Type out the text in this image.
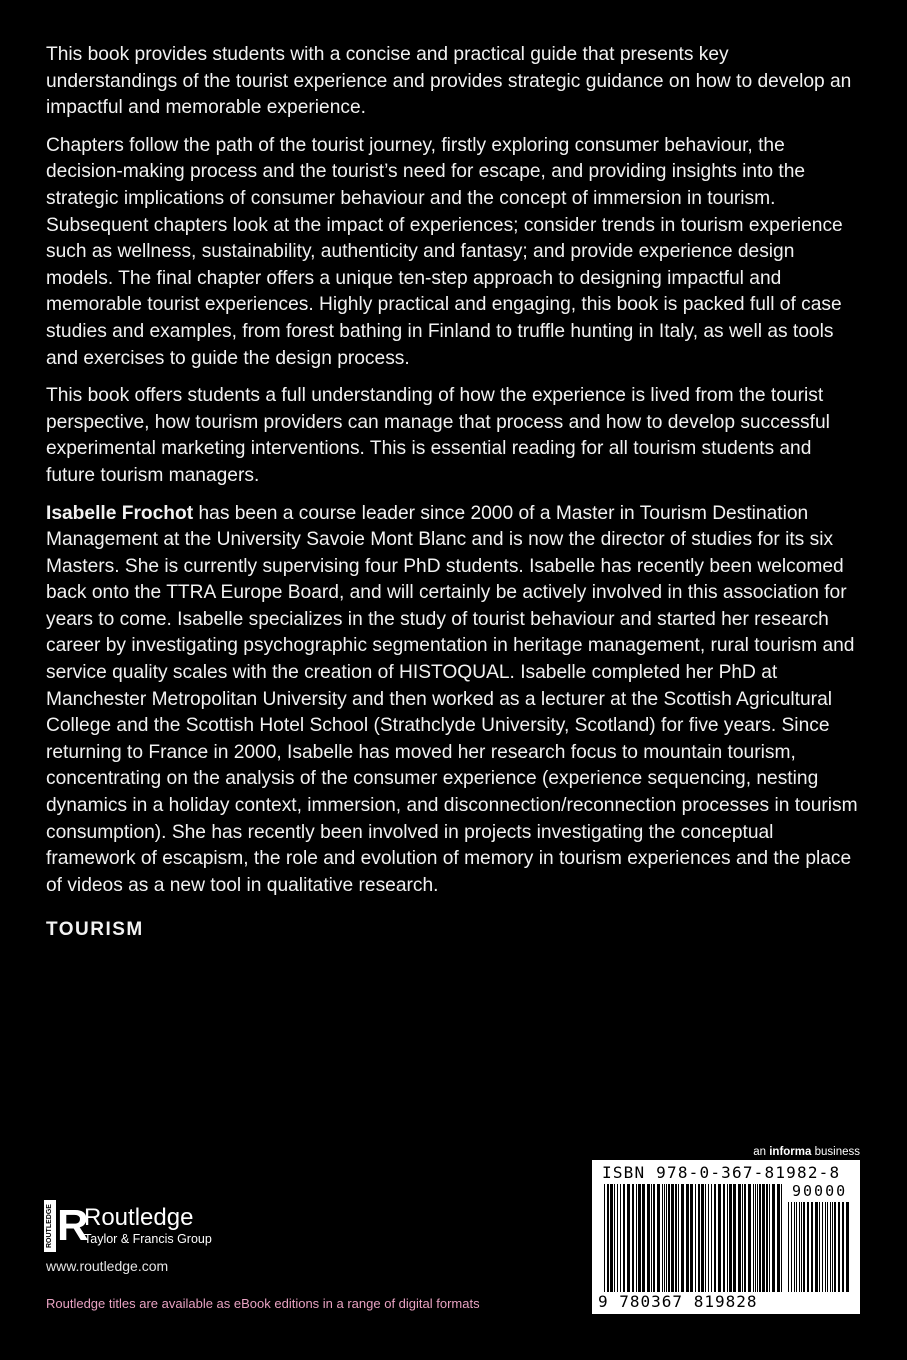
This book provides students with a concise and practical guide that presents key understandings of the tourist experience and provides strategic guidance on how to develop an impactful and memorable experience.

Chapters follow the path of the tourist journey, firstly exploring consumer behaviour, the decision-making process and the tourist’s need for escape, and providing insights into the strategic implications of consumer behaviour and the concept of immersion in tourism. Subsequent chapters look at the impact of experiences; consider trends in tourism experience such as wellness, sustainability, authenticity and fantasy; and provide experience design models. The final chapter offers a unique ten-step approach to designing impactful and memorable tourist experiences. Highly practical and engaging, this book is packed full of case studies and examples, from forest bathing in Finland to truffle hunting in Italy, as well as tools and exercises to guide the design process.

This book offers students a full understanding of how the experience is lived from the tourist perspective, how tourism providers can manage that process and how to develop successful experimental marketing interventions. This is essential reading for all tourism students and future tourism managers.

Isabelle Frochot has been a course leader since 2000 of a Master in Tourism Destination Management at the University Savoie Mont Blanc and is now the director of studies for its six Masters. She is currently supervising four PhD students. Isabelle has recently been welcomed back onto the TTRA Europe Board, and will certainly be actively involved in this association for years to come. Isabelle specializes in the study of tourist behaviour and started her research career by investigating psychographic segmentation in heritage management, rural tourism and service quality scales with the creation of HISTOQUAL. Isabelle completed her PhD at Manchester Metropolitan University and then worked as a lecturer at the Scottish Agricultural College and the Scottish Hotel School (Strathclyde University, Scotland) for five years. Since returning to France in 2000, Isabelle has moved her research focus to mountain tourism, concentrating on the analysis of the consumer experience (experience sequencing, nesting dynamics in a holiday context, immersion, and disconnection/reconnection processes in tourism consumption). She has recently been involved in projects investigating the conceptual framework of escapism, the role and evolution of memory in tourism experiences and the place of videos as a new tool in qualitative research.

TOURISM
ROUTLEDGE R
Routledge
Taylor & Francis Group
www.routledge.com
Routledge titles are available as eBook editions in a range of digital formats
an informa business
ISBN 978-0-367-81982-8
90000
9 780367 819828
